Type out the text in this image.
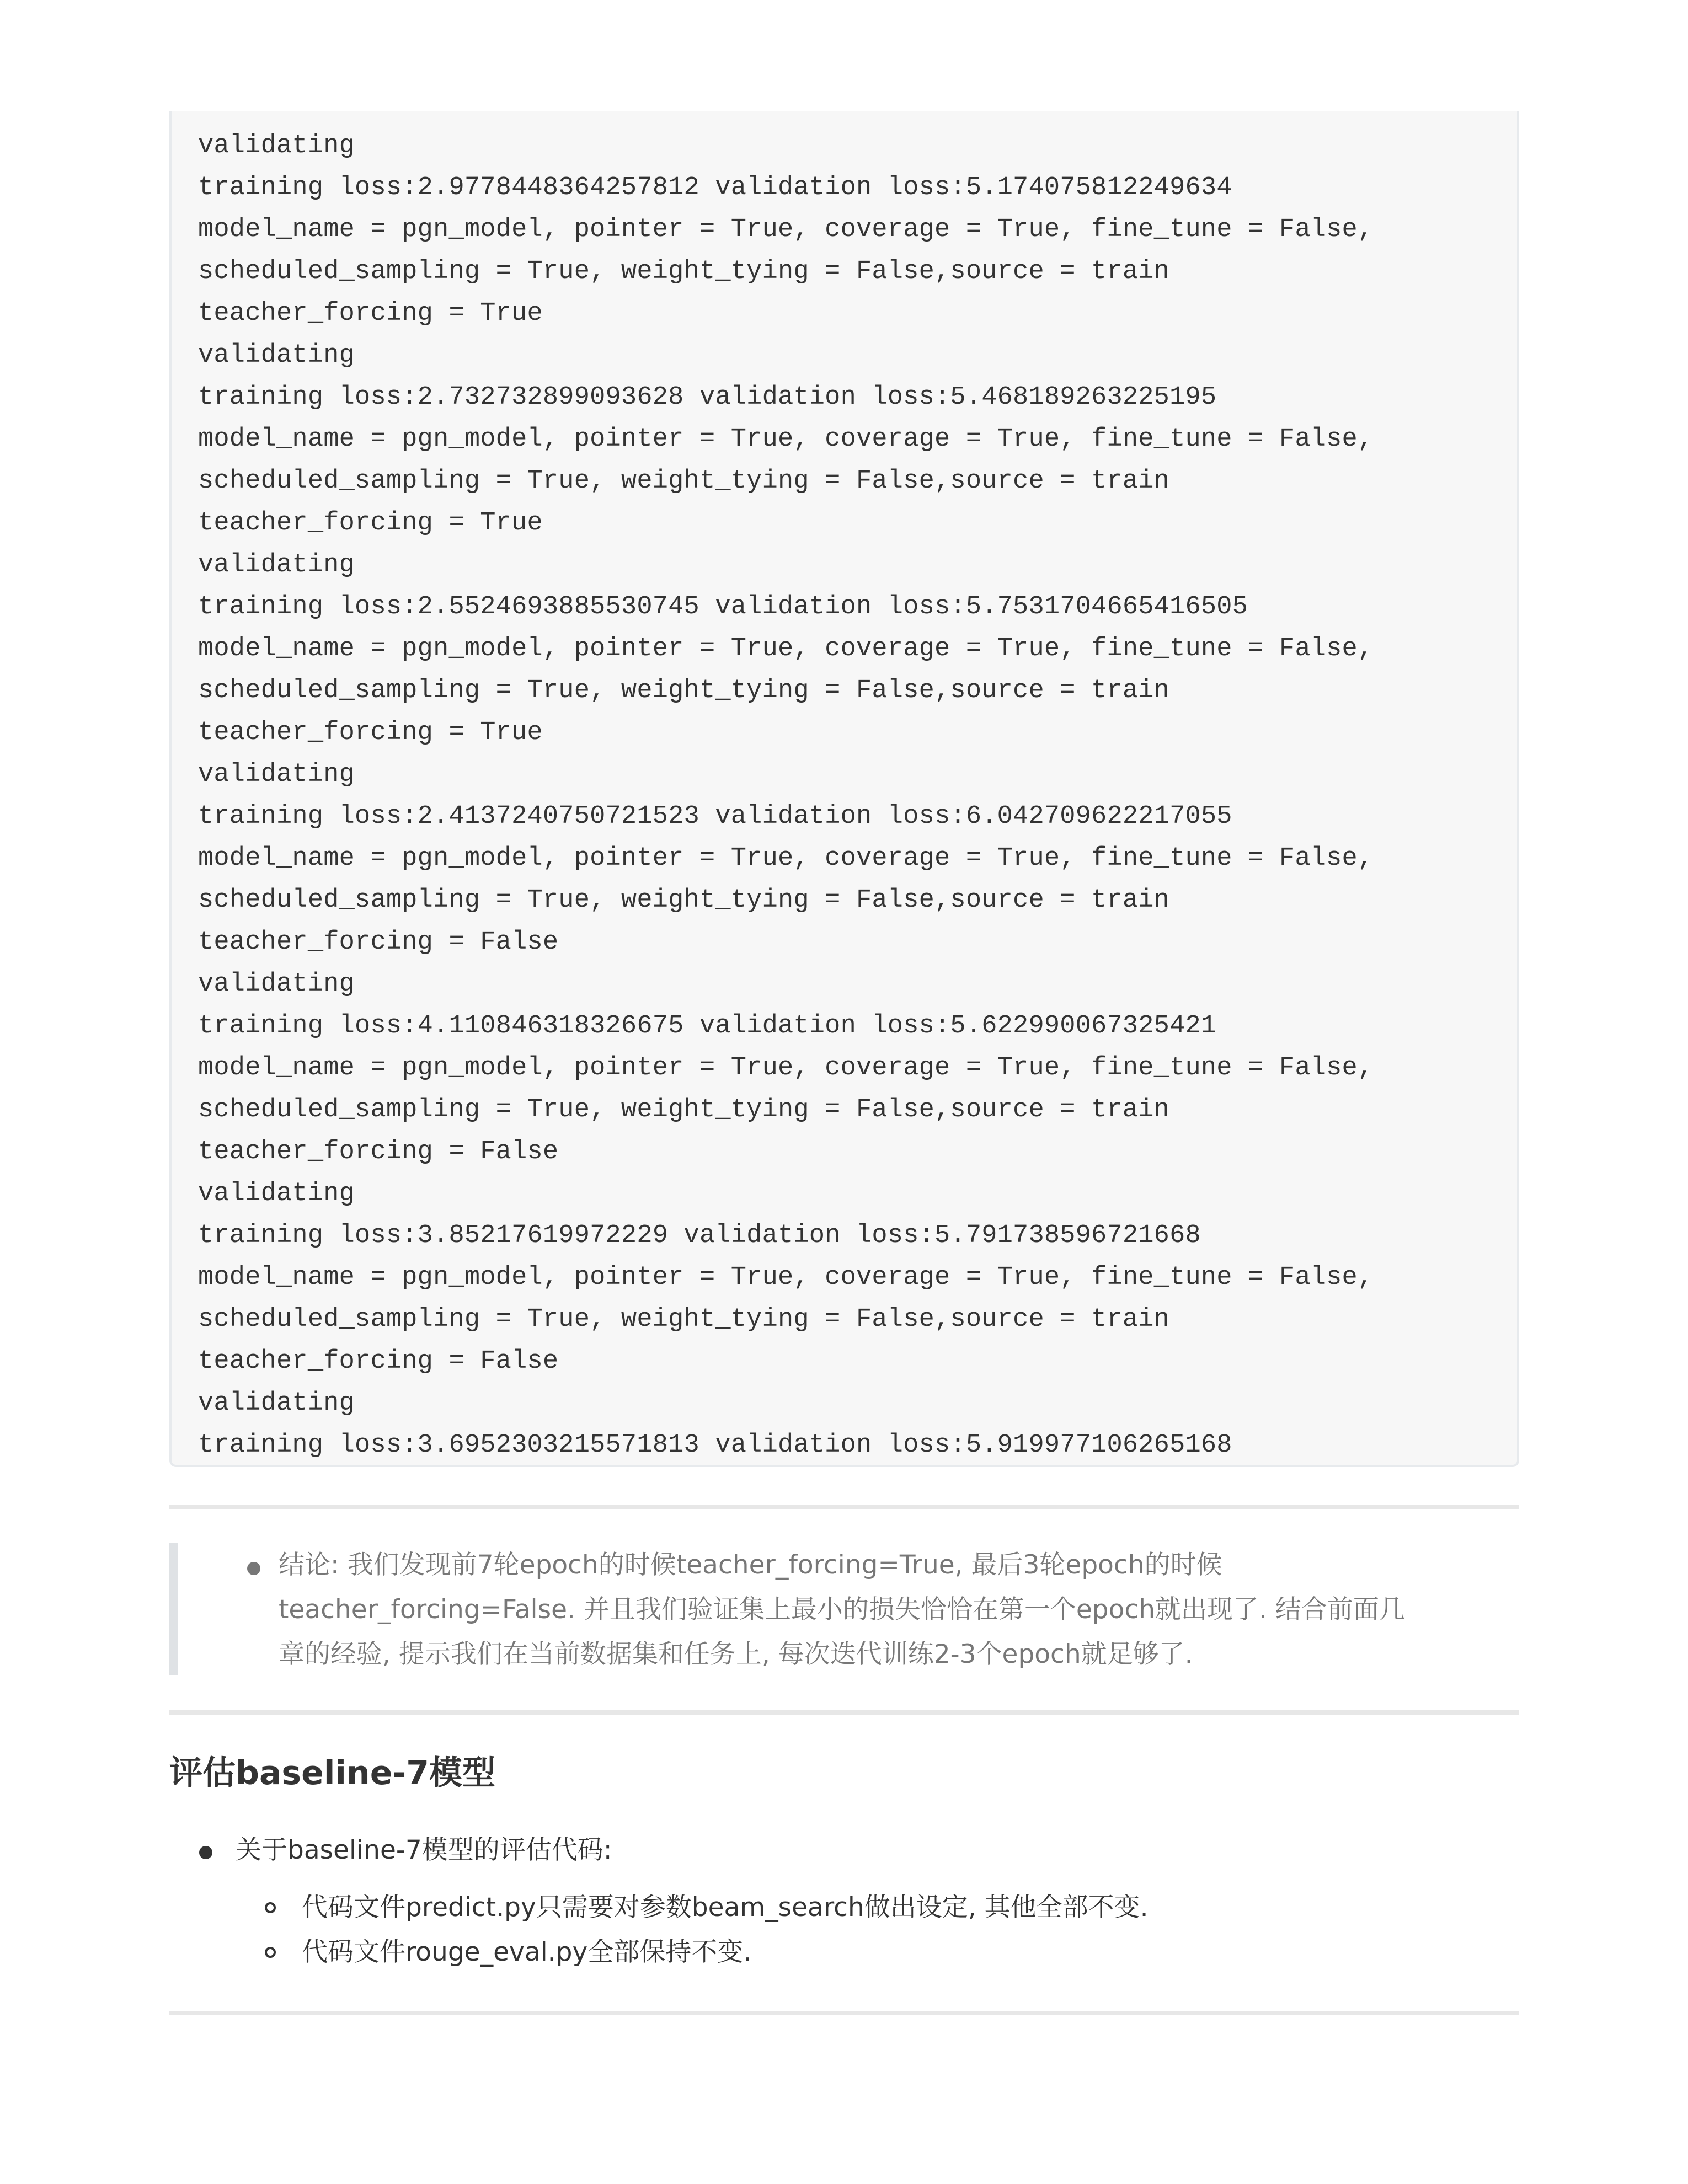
validating
training loss:2.9778448364257812 validation loss:5.174075812249634
model_name = pgn_model, pointer = True, coverage = True, fine_tune = False,
scheduled_sampling = True, weight_tying = False,source = train
teacher_forcing = True
validating
training loss:2.732732899093628 validation loss:5.468189263225195
model_name = pgn_model, pointer = True, coverage = True, fine_tune = False,
scheduled_sampling = True, weight_tying = False,source = train
teacher_forcing = True
validating
training loss:2.5524693885530745 validation loss:5.7531704665416505
model_name = pgn_model, pointer = True, coverage = True, fine_tune = False,
scheduled_sampling = True, weight_tying = False,source = train
teacher_forcing = True
validating
training loss:2.4137240750721523 validation loss:6.042709622217055
model_name = pgn_model, pointer = True, coverage = True, fine_tune = False,
scheduled_sampling = True, weight_tying = False,source = train
teacher_forcing = False
validating
training loss:4.110846318326675 validation loss:5.622990067325421
model_name = pgn_model, pointer = True, coverage = True, fine_tune = False,
scheduled_sampling = True, weight_tying = False,source = train
teacher_forcing = False
validating
training loss:3.85217619972229 validation loss:5.791738596721668
model_name = pgn_model, pointer = True, coverage = True, fine_tune = False,
scheduled_sampling = True, weight_tying = False,source = train
teacher_forcing = False
validating
training loss:3.6952303215571813 validation loss:5.919977106265168
结论: 我们发现前7轮epoch的时候teacher_forcing=True, 最后3轮epoch的时候
teacher_forcing=False. 并且我们验证集上最小的损失恰恰在第一个epoch就出现了. 结合前面几
章的经验, 提示我们在当前数据集和任务上, 每次迭代训练2-3个epoch就足够了.
评估baseline-7模型
关于baseline-7模型的评估代码:
代码文件predict.py只需要对参数beam_search做出设定, 其他全部不变.
代码文件rouge_eval.py全部保持不变.
